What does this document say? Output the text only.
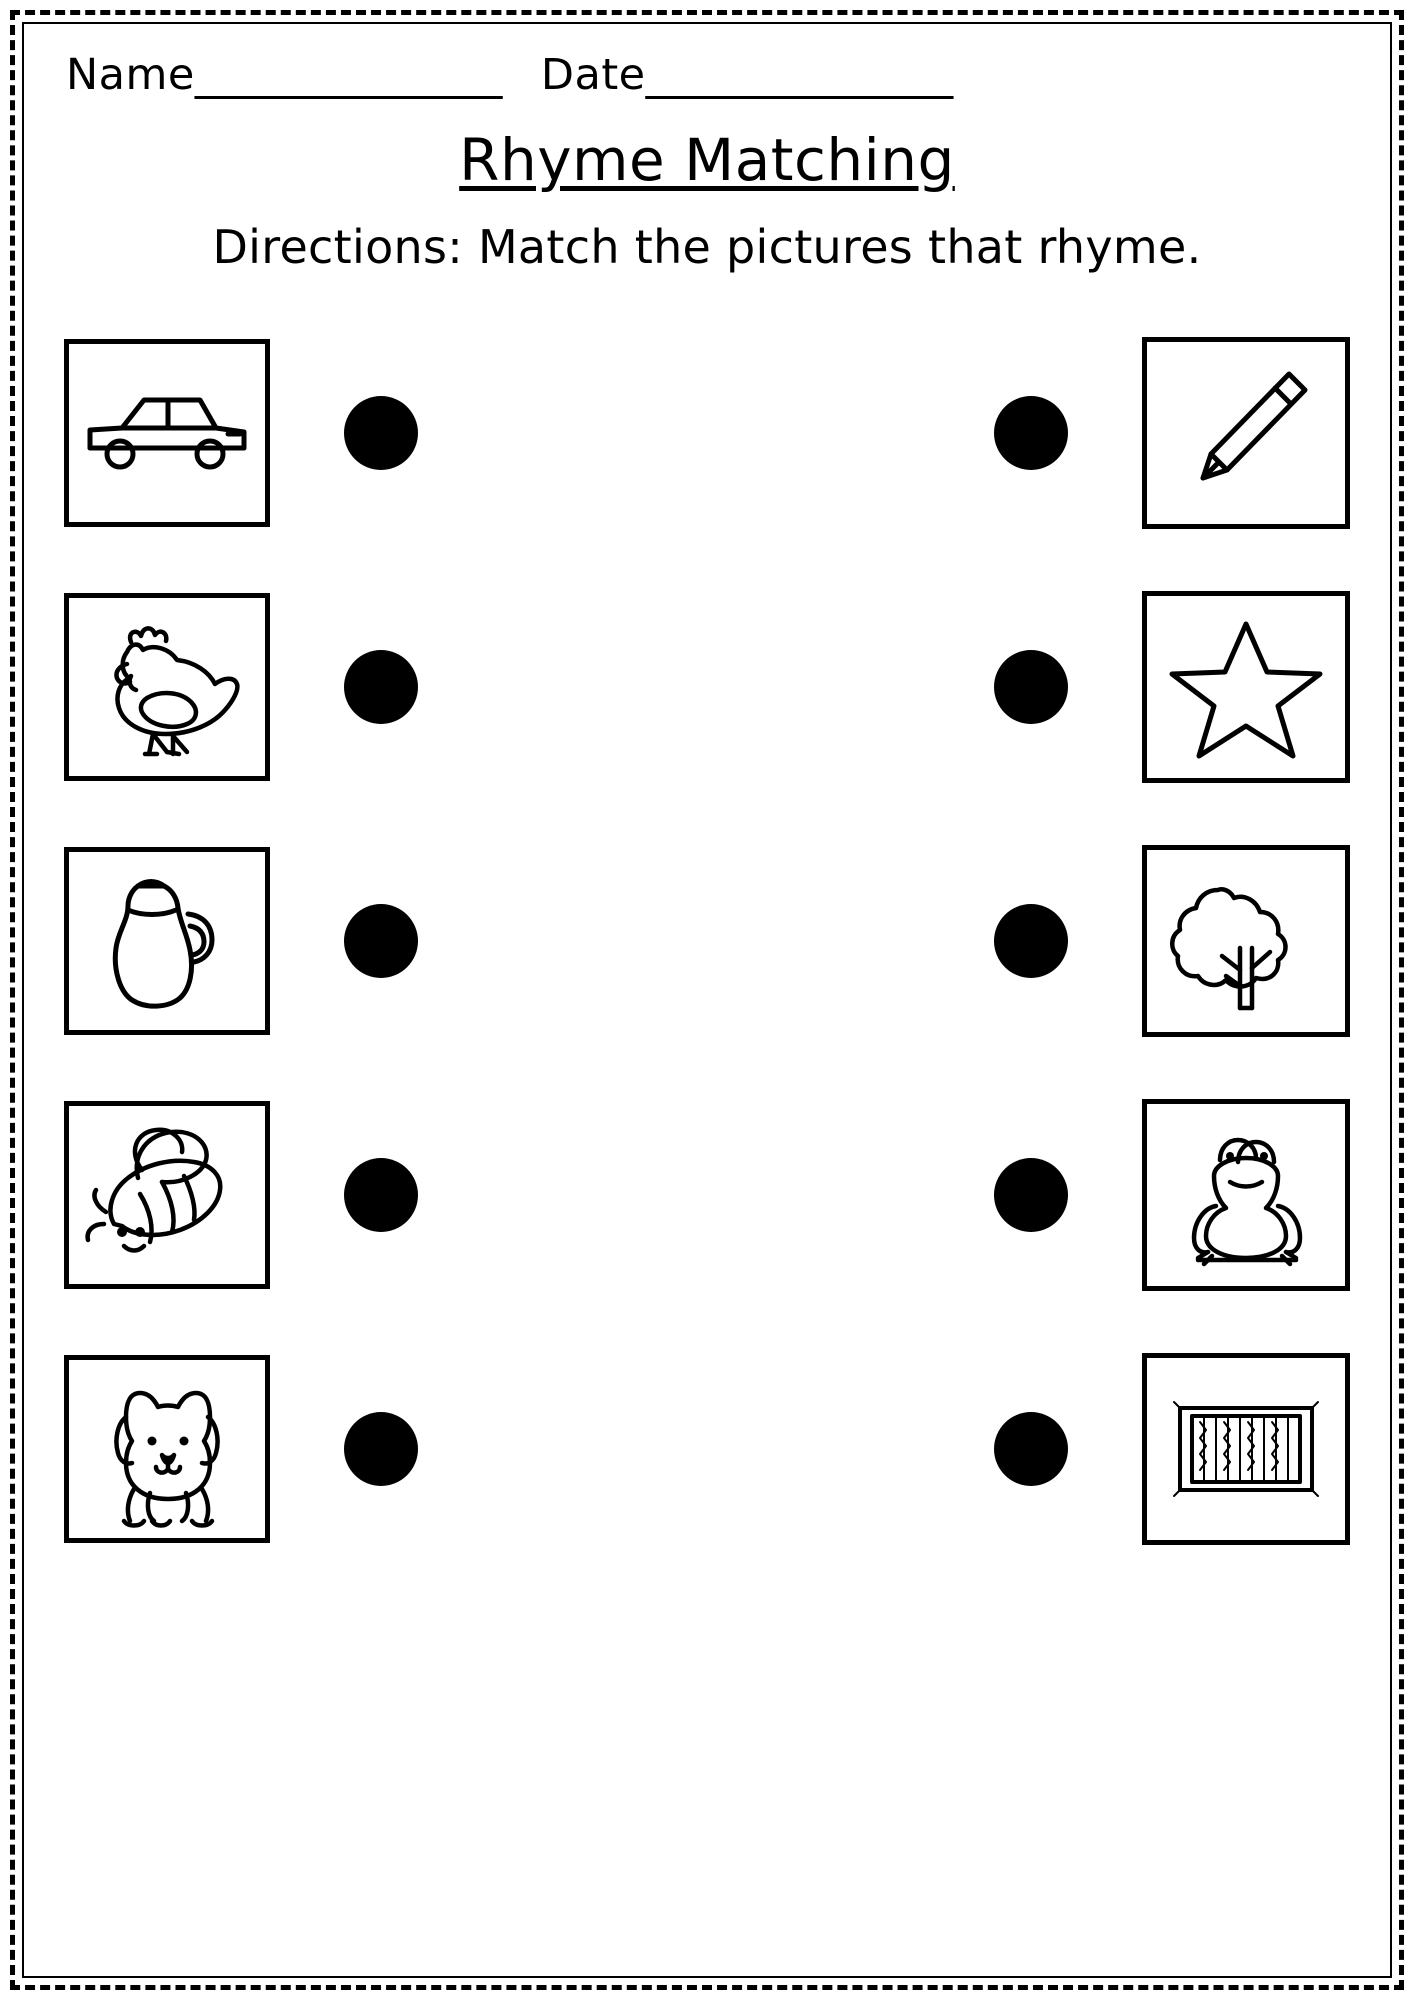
Name______________ Date______________
Rhyme Matching
Directions: Match the pictures that rhyme.
